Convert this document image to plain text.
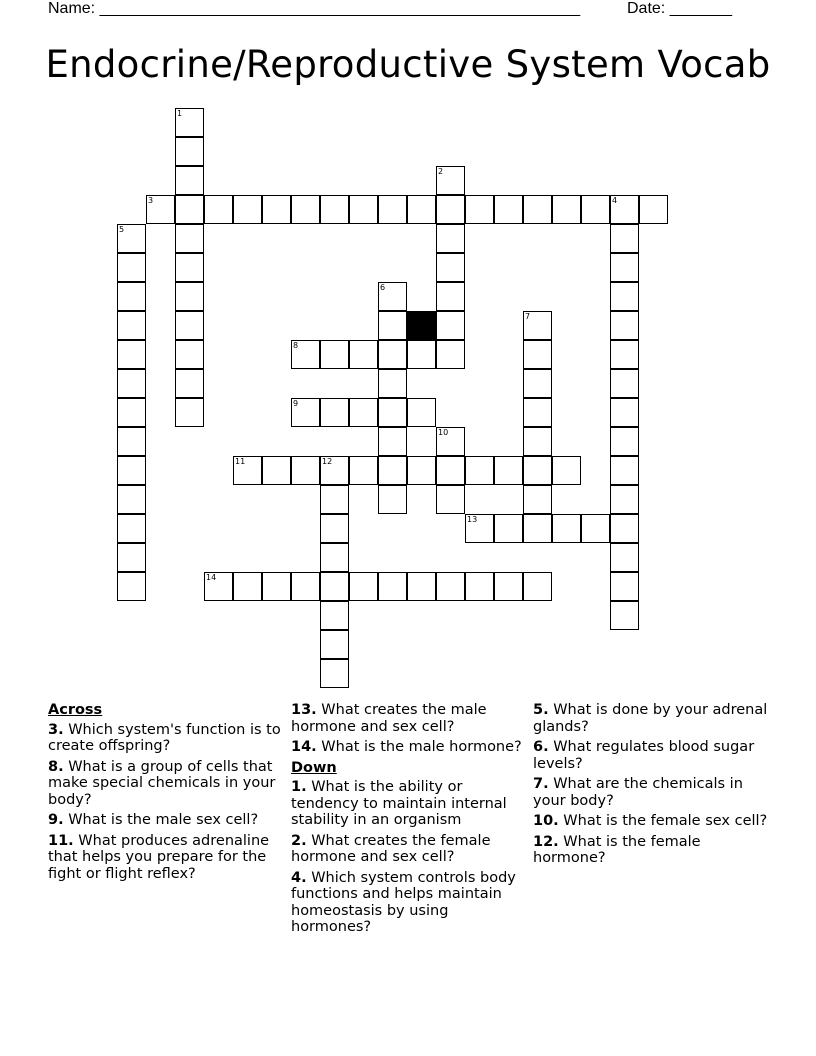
Name: ______________________________________________________	Date: _______
Endocrine/Reproductive System Vocab
1
2
3	4
5
6
7
8
9
10
11	12
13
14
Across
3. Which system's function is to create offspring?
8. What is a group of cells that make special chemicals in your body?
9. What is the male sex cell?
11. What produces adrenaline that helps you prepare for the fight or flight reflex?
13. What creates the male hormone and sex cell?
14. What is the male hormone?
Down
1. What is the ability or tendency to maintain internal stability in an organism
2. What creates the female hormone and sex cell?
4. Which system controls body functions and helps maintain homeostasis by using hormones?
5. What is done by your adrenal glands?
6. What regulates blood sugar levels?
7. What are the chemicals in your body?
10. What is the female sex cell?
12. What is the female hormone?
